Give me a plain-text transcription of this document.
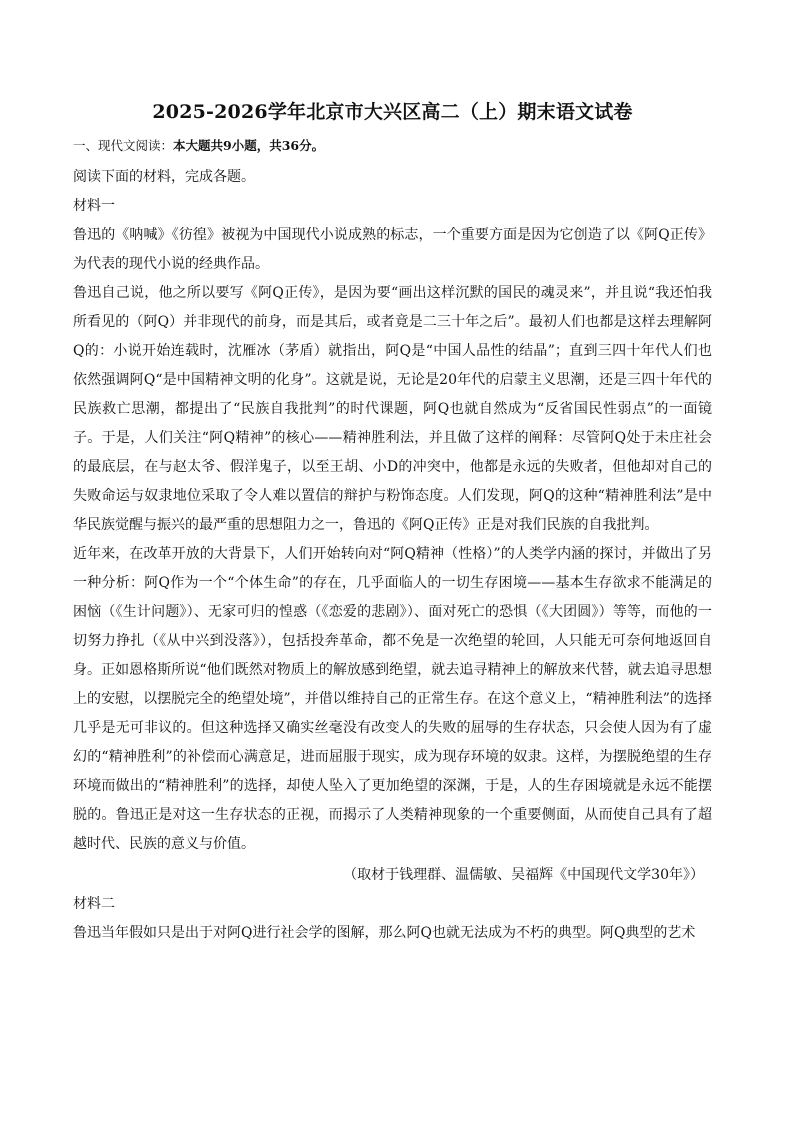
2025-2026学年北京市大兴区高二（上）期末语文试卷
一、现代文阅读：本大题共9小题，共36分。

阅读下面的材料，完成各题。

材料一

鲁迅的《呐喊》《彷徨》被视为中国现代小说成熟的标志，一个重要方面是因为它创造了以《阿Q正传》为代表的现代小说的经典作品。

鲁迅自己说，他之所以要写《阿Q正传》，是因为要“画出这样沉默的国民的魂灵来”，并且说“我还怕我所看见的（阿Q）并非现代的前身，而是其后，或者竟是二三十年之后”。最初人们也都是这样去理解阿Q的：小说开始连载时，沈雁冰（茅盾）就指出，阿Q是“中国人品性的结晶”；直到三四十年代人们也依然强调阿Q“是中国精神文明的化身”。这就是说，无论是20年代的启蒙主义思潮，还是三四十年代的民族救亡思潮，都提出了“民族自我批判”的时代课题，阿Q也就自然成为“反省国民性弱点”的一面镜子。于是，人们关注“阿Q精神”的核心——精神胜利法，并且做了这样的阐释：尽管阿Q处于未庄社会的最底层，在与赵太爷、假洋鬼子，以至王胡、小D的冲突中，他都是永远的失败者，但他却对自己的失败命运与奴隶地位采取了令人难以置信的辩护与粉饰态度。人们发现，阿Q的这种“精神胜利法”是中华民族觉醒与振兴的最严重的思想阻力之一，鲁迅的《阿Q正传》正是对我们民族的自我批判。

近年来，在改革开放的大背景下，人们开始转向对“阿Q精神（性格）”的人类学内涵的探讨，并做出了另一种分析：阿Q作为一个“个体生命”的存在，几乎面临人的一切生存困境——基本生存欲求不能满足的困恼（《生计问题》）、无家可归的惶惑（《恋爱的悲剧》）、面对死亡的恐惧（《大团圆》）等等，而他的一切努力挣扎（《从中兴到没落》），包括投奔革命，都不免是一次绝望的轮回，人只能无可奈何地返回自身。正如恩格斯所说“他们既然对物质上的解放感到绝望，就去追寻精神上的解放来代替，就去追寻思想上的安慰，以摆脱完全的绝望处境”，并借以维持自己的正常生存。在这个意义上，“精神胜利法”的选择几乎是无可非议的。但这种选择又确实丝毫没有改变人的失败的屈辱的生存状态，只会使人因为有了虚幻的“精神胜利”的补偿而心满意足，进而屈服于现实，成为现存环境的奴隶。这样，为摆脱绝望的生存环境而做出的“精神胜利”的选择，却使人坠入了更加绝望的深渊，于是，人的生存困境就是永远不能摆脱的。鲁迅正是对这一生存状态的正视，而揭示了人类精神现象的一个重要侧面，从而使自己具有了超越时代、民族的意义与价值。

（取材于钱理群、温儒敏、吴福辉《中国现代文学30年》）

材料二

鲁迅当年假如只是出于对阿Q进行社会学的图解，那么阿Q也就无法成为不朽的典型。阿Q典型的艺术
